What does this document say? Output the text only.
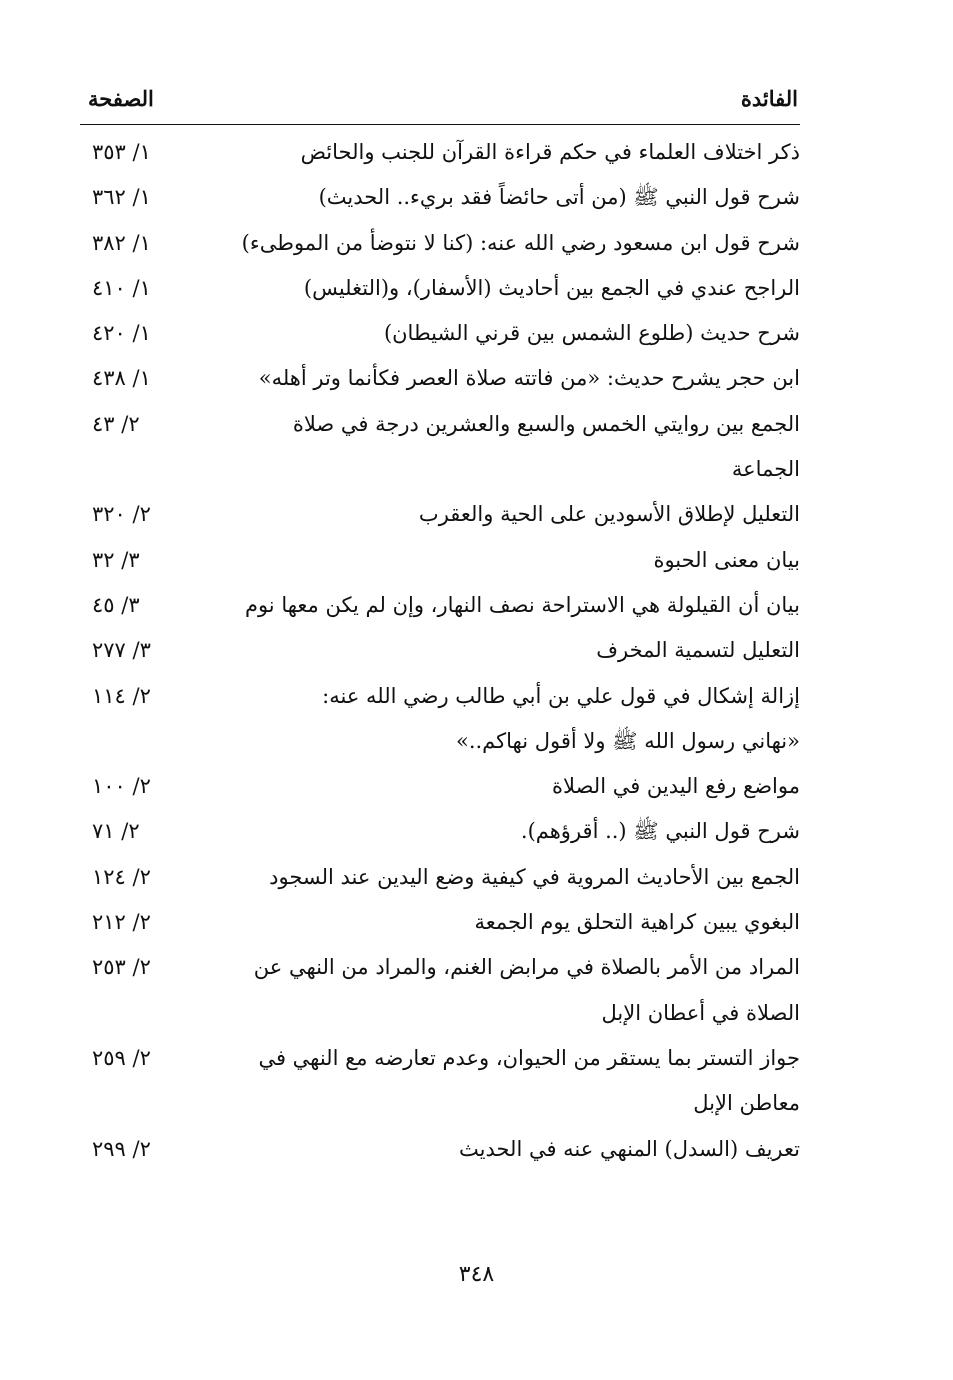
الفائدة
الصفحة
ذكر اختلاف العلماء في حكم قراءة القرآن للجنب والحائض
١/ ٣٥٣
شرح قول النبي ﷺ (من أتى حائضاً فقد بريء.. الحديث)
١/ ٣٦٢
شرح قول ابن مسعود رضي الله عنه: (كنا لا نتوضأ من الموطىء)
١/ ٣٨٢
الراجح عندي في الجمع بين أحاديث (الأسفار)، و(التغليس)
١/ ٤١٠
شرح حديث (طلوع الشمس بين قرني الشيطان)
١/ ٤٢٠
ابن حجر يشرح حديث: «من فاتته صلاة العصر فكأنما وتر أهله»
١/ ٤٣٨
الجمع بين روايتي الخمس والسبع والعشرين درجة في صلاة
الجماعة
٢/ ٤٣
التعليل لإطلاق الأسودين على الحية والعقرب
٢/ ٣٢٠
بيان معنى الحبوة
٣/ ٣٢
بيان أن القيلولة هي الاستراحة نصف النهار، وإن لم يكن معها نوم
٣/ ٤٥
التعليل لتسمية المخرف
٣/ ٢٧٧
إزالة إشكال في قول علي بن أبي طالب رضي الله عنه:
«نهاني رسول الله ﷺ ولا أقول نهاكم..»
٢/ ١١٤
مواضع رفع اليدين في الصلاة
٢/ ١٠٠
شرح قول النبي ﷺ (.. أقرؤهم).
٢/ ٧١
الجمع بين الأحاديث المروية في كيفية وضع اليدين عند السجود
٢/ ١٢٤
البغوي يبين كراهية التحلق يوم الجمعة
٢/ ٢١٢
المراد من الأمر بالصلاة في مرابض الغنم، والمراد من النهي عن
الصلاة في أعطان الإبل
٢/ ٢٥٣
جواز التستر بما يستقر من الحيوان، وعدم تعارضه مع النهي في
معاطن الإبل
٢/ ٢٥٩
تعريف (السدل) المنهي عنه في الحديث
٢/ ٢٩٩
٣٤٨
